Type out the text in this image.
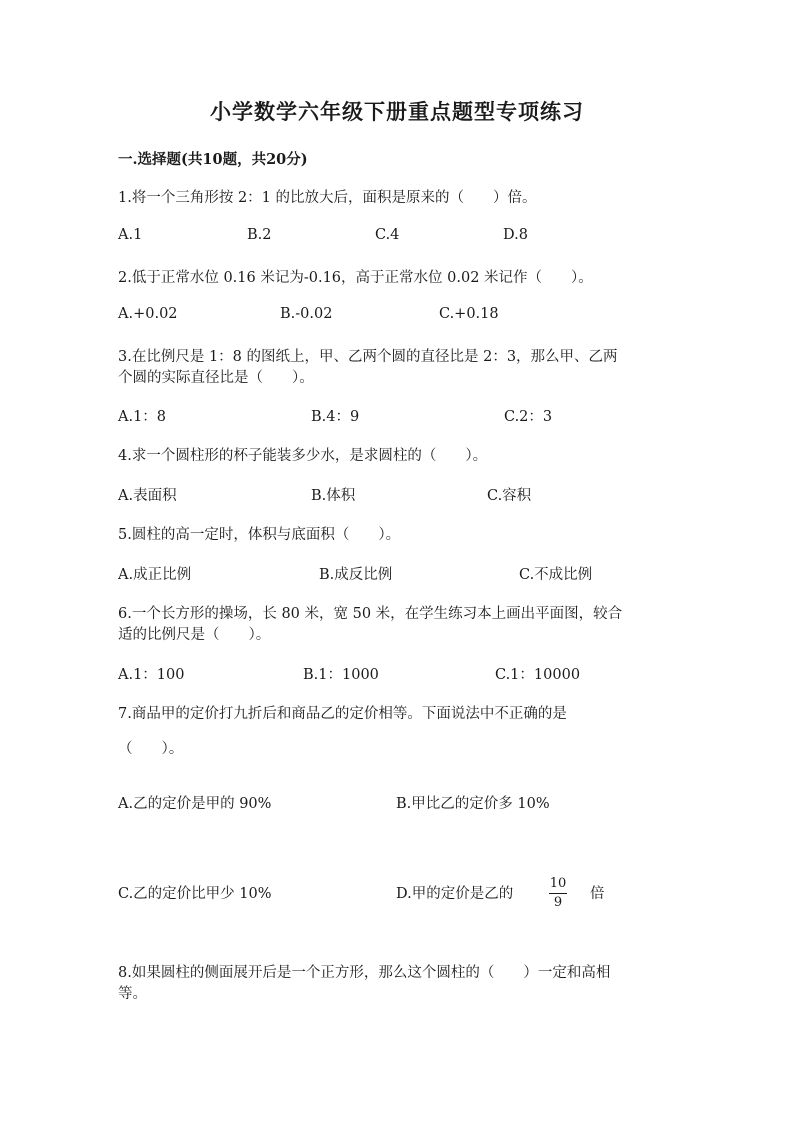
小学数学六年级下册重点题型专项练习
一.选择题(共10题，共20分)
1.将一个三角形按 2：1 的比放大后，面积是原来的（　　）倍。
A.1	B.2	C.4	D.8
2.低于正常水位 0.16 米记为-0.16，高于正常水位 0.02 米记作（　　）。
A.+0.02	B.-0.02	C.+0.18
3.在比例尺是 1：8 的图纸上，甲、乙两个圆的直径比是 2：3，那么甲、乙两
个圆的实际直径比是（　　）。
A.1：8	B.4：9	C.2：3
4.求一个圆柱形的杯子能装多少水，是求圆柱的（　　）。
A.表面积	B.体积	C.容积
5.圆柱的高一定时，体积与底面积（　　）。
A.成正比例	B.成反比例	C.不成比例
6.一个长方形的操场，长 80 米，宽 50 米，在学生练习本上画出平面图，较合
适的比例尺是（　　）。
A.1：100	B.1：1000	C.1：10000
7.商品甲的定价打九折后和商品乙的定价相等。下面说法中不正确的是
（　　）。
A.乙的定价是甲的 90%	B.甲比乙的定价多 10%
C.乙的定价比甲少 10%	D.甲的定价是乙的
10
9
倍
8.如果圆柱的侧面展开后是一个正方形，那么这个圆柱的（　　）一定和高相
等。
